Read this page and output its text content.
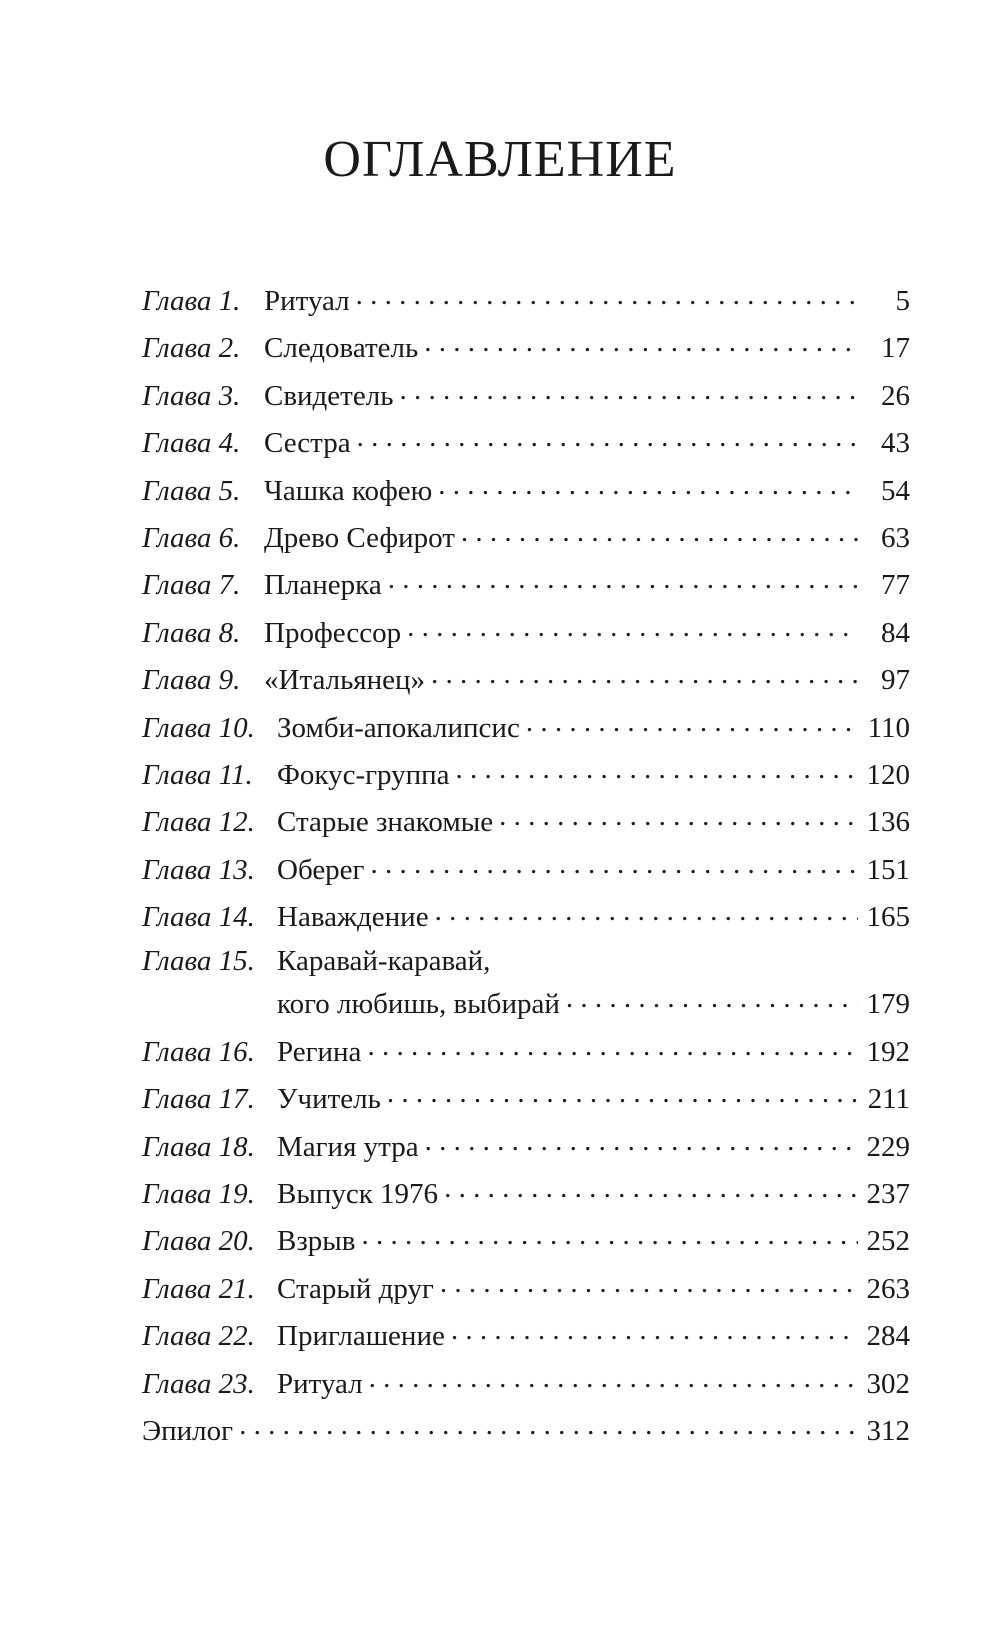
ОГЛАВЛЕНИЕ
Глава 1. Ритуал . . .	5
Глава 2. Следователь . . .	17
Глава 3. Свидетель . . .	26
Глава 4. Сестра . . .	43
Глава 5. Чашка кофею . . .	54
Глава 6. Древо Сефирот . . .	63
Глава 7. Планерка . . .	77
Глава 8. Профессор . . .	84
Глава 9. «Итальянец» . . .	97
Глава 10. Зомби-апокалипсис . . .	110
Глава 11. Фокус-группа . . .	120
Глава 12. Старые знакомые . . .	136
Глава 13. Оберег . . .	151
Глава 14. Наваждение . . .	165
Глава 15. Каравай-каравай,
кого любишь, выбирай . . .	179
Глава 16. Регина . . .	192
Глава 17. Учитель . . .	211
Глава 18. Магия утра . . .	229
Глава 19. Выпуск 1976 . . .	237
Глава 20. Взрыв . . .	252
Глава 21. Старый друг . . .	263
Глава 22. Приглашение . . .	284
Глава 23. Ритуал . . .	302
Эпилог . . .	312
